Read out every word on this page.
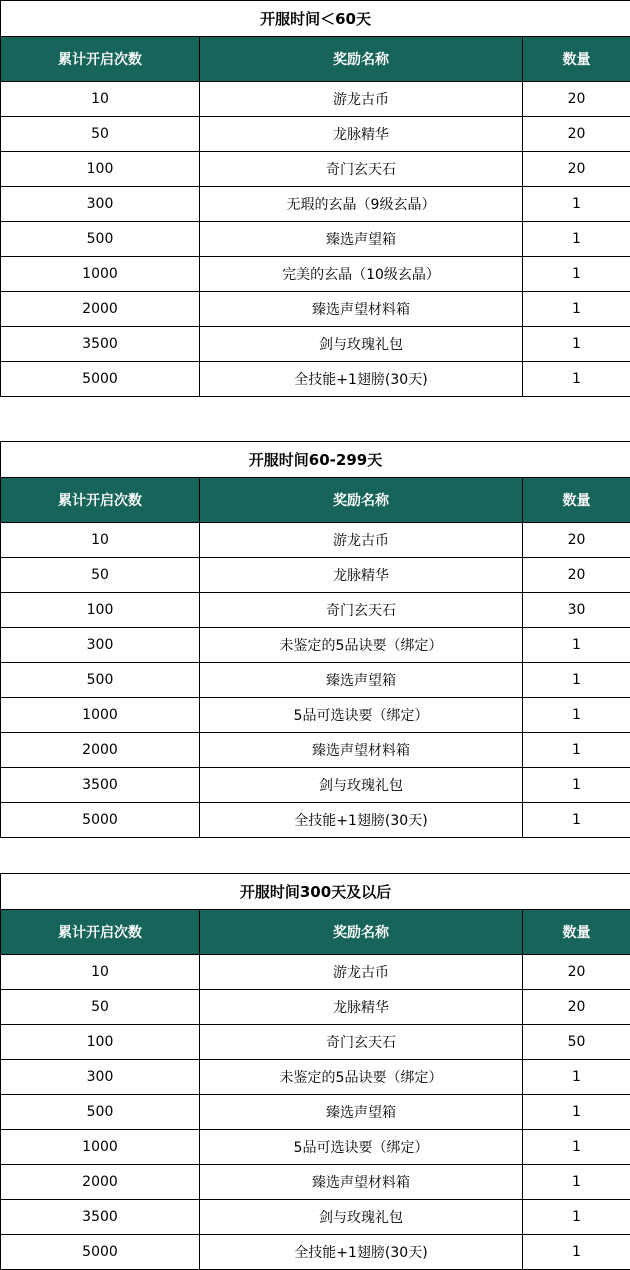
开服时间＜60天		
累计开启次数	奖励名称	数量
10	游龙古币	20
50	龙脉精华	20
100	奇门玄天石	20
300	无瑕的玄晶（9级玄晶）	1
500	臻选声望箱	1
1000	完美的玄晶（10级玄晶）	1
2000	臻选声望材料箱	1
3500	剑与玫瑰礼包	1
5000	全技能+1翅膀(30天)	1
开服时间60-299天		
累计开启次数	奖励名称	数量
10	游龙古币	20
50	龙脉精华	20
100	奇门玄天石	30
300	未鉴定的5品诀要（绑定）	1
500	臻选声望箱	1
1000	5品可选诀要（绑定）	1
2000	臻选声望材料箱	1
3500	剑与玫瑰礼包	1
5000	全技能+1翅膀(30天)	1
开服时间300天及以后		
累计开启次数	奖励名称	数量
10	游龙古币	20
50	龙脉精华	20
100	奇门玄天石	50
300	未鉴定的5品诀要（绑定）	1
500	臻选声望箱	1
1000	5品可选诀要（绑定）	1
2000	臻选声望材料箱	1
3500	剑与玫瑰礼包	1
5000	全技能+1翅膀(30天)	1
